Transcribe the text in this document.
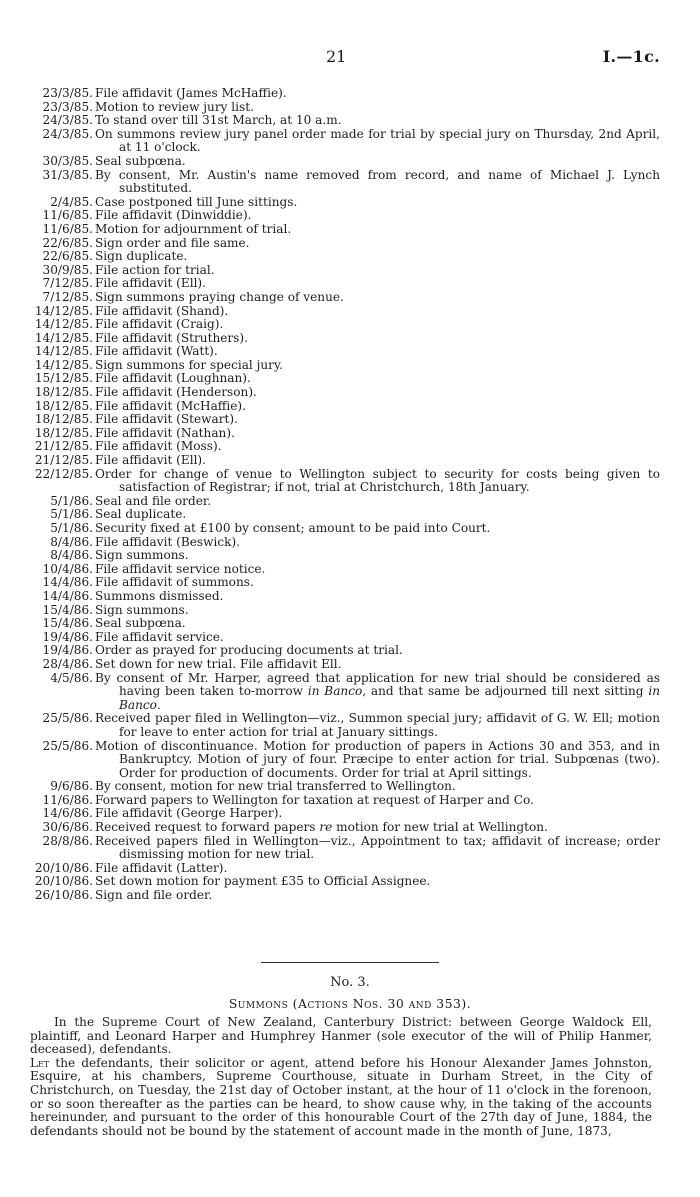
21	I.—1c.
23/3/85. File affidavit (James McHaffie).
23/3/85. Motion to review jury list.
24/3/85. To stand over till 31st March, at 10 a.m.
24/3/85. On summons review jury panel order made for trial by special jury on Thursday, 2nd April, at 11 o'clock.
30/3/85. Seal subpœna.
31/3/85. By consent, Mr. Austin's name removed from record, and name of Michael J. Lynch substituted.
2/4/85. Case postponed till June sittings.
11/6/85. File affidavit (Dinwiddie).
11/6/85. Motion for adjournment of trial.
22/6/85. Sign order and file same.
22/6/85. Sign duplicate.
30/9/85. File action for trial.
7/12/85. File affidavit (Ell).
7/12/85. Sign summons praying change of venue.
14/12/85. File affidavit (Shand).
14/12/85. File affidavit (Craig).
14/12/85. File affidavit (Struthers).
14/12/85. File affidavit (Watt).
14/12/85. Sign summons for special jury.
15/12/85. File affidavit (Loughnan).
18/12/85. File affidavit (Henderson).
18/12/85. File affidavit (McHaffie).
18/12/85. File affidavit (Stewart).
18/12/85. File affidavit (Nathan).
21/12/85. File affidavit (Moss).
21/12/85. File affidavit (Ell).
22/12/85. Order for change of venue to Wellington subject to security for costs being given to satisfaction of Registrar; if not, trial at Christchurch, 18th January.
5/1/86. Seal and file order.
5/1/86. Seal duplicate.
5/1/86. Security fixed at £100 by consent; amount to be paid into Court.
8/4/86. File affidavit (Beswick).
8/4/86. Sign summons.
10/4/86. File affidavit service notice.
14/4/86. File affidavit of summons.
14/4/86. Summons dismissed.
15/4/86. Sign summons.
15/4/86. Seal subpœna.
19/4/86. File affidavit service.
19/4/86. Order as prayed for producing documents at trial.
28/4/86. Set down for new trial. File affidavit Ell.
4/5/86. By consent of Mr. Harper, agreed that application for new trial should be considered as having been taken to-morrow in Banco, and that same be adjourned till next sitting in Banco.
25/5/86. Received paper filed in Wellington—viz., Summon special jury; affidavit of G. W. Ell; motion for leave to enter action for trial at January sittings.
25/5/86. Motion of discontinuance. Motion for production of papers in Actions 30 and 353, and in Bankruptcy. Motion of jury of four. Præcipe to enter action for trial. Subpœnas (two). Order for production of documents. Order for trial at April sittings.
9/6/86. By consent, motion for new trial transferred to Wellington.
11/6/86. Forward papers to Wellington for taxation at request of Harper and Co.
14/6/86. File affidavit (George Harper).
30/6/86. Received request to forward papers re motion for new trial at Wellington.
28/8/86. Received papers filed in Wellington—viz., Appointment to tax; affidavit of increase; order dismissing motion for new trial.
20/10/86. File affidavit (Latter).
20/10/86. Set down motion for payment £35 to Official Assignee.
26/10/86. Sign and file order.
No. 3.
Summons (Actions Nos. 30 and 353).
In the Supreme Court of New Zealand, Canterbury District: between George Waldock Ell, plaintiff, and Leonard Harper and Humphrey Hanmer (sole executor of the will of Philip Hanmer, deceased), defendants.
Let the defendants, their solicitor or agent, attend before his Honour Alexander James Johnston, Esquire, at his chambers, Supreme Courthouse, situate in Durham Street, in the City of Christchurch, on Tuesday, the 21st day of October instant, at the hour of 11 o'clock in the forenoon, or so soon thereafter as the parties can be heard, to show cause why, in the taking of the accounts hereinunder, and pursuant to the order of this honourable Court of the 27th day of June, 1884, the defendants should not be bound by the statement of account made in the month of June, 1873,
